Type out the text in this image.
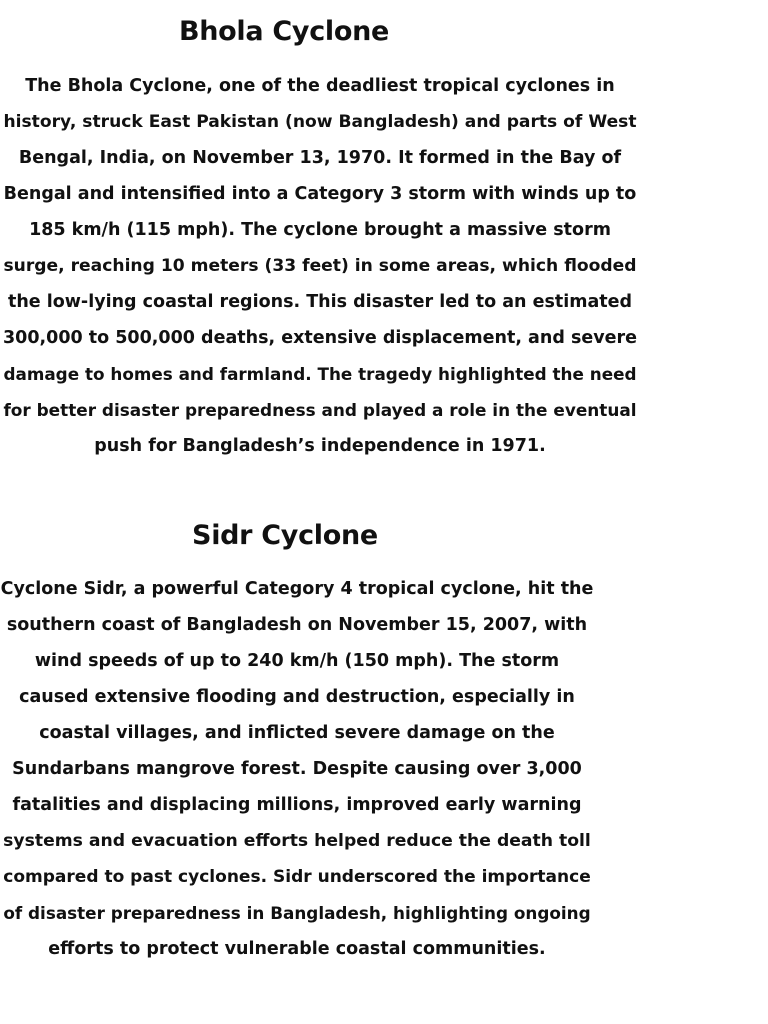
Bhola Cyclone

The Bhola Cyclone, one of the deadliest tropical cyclones in
history, struck East Pakistan (now Bangladesh) and parts of West
Bengal, India, on November 13, 1970. It formed in the Bay of
Bengal and intensified into a Category 3 storm with winds up to
185 km/h (115 mph). The cyclone brought a massive storm
surge, reaching 10 meters (33 feet) in some areas, which flooded
the low-lying coastal regions. This disaster led to an estimated
300,000 to 500,000 deaths, extensive displacement, and severe
damage to homes and farmland. The tragedy highlighted the need
for better disaster preparedness and played a role in the eventual
push for Bangladesh’s independence in 1971.

Sidr Cyclone

Cyclone Sidr, a powerful Category 4 tropical cyclone, hit the
southern coast of Bangladesh on November 15, 2007, with
wind speeds of up to 240 km/h (150 mph). The storm
caused extensive flooding and destruction, especially in
coastal villages, and inflicted severe damage on the
Sundarbans mangrove forest. Despite causing over 3,000
fatalities and displacing millions, improved early warning
systems and evacuation efforts helped reduce the death toll
compared to past cyclones. Sidr underscored the importance
of disaster preparedness in Bangladesh, highlighting ongoing
efforts to protect vulnerable coastal communities.
